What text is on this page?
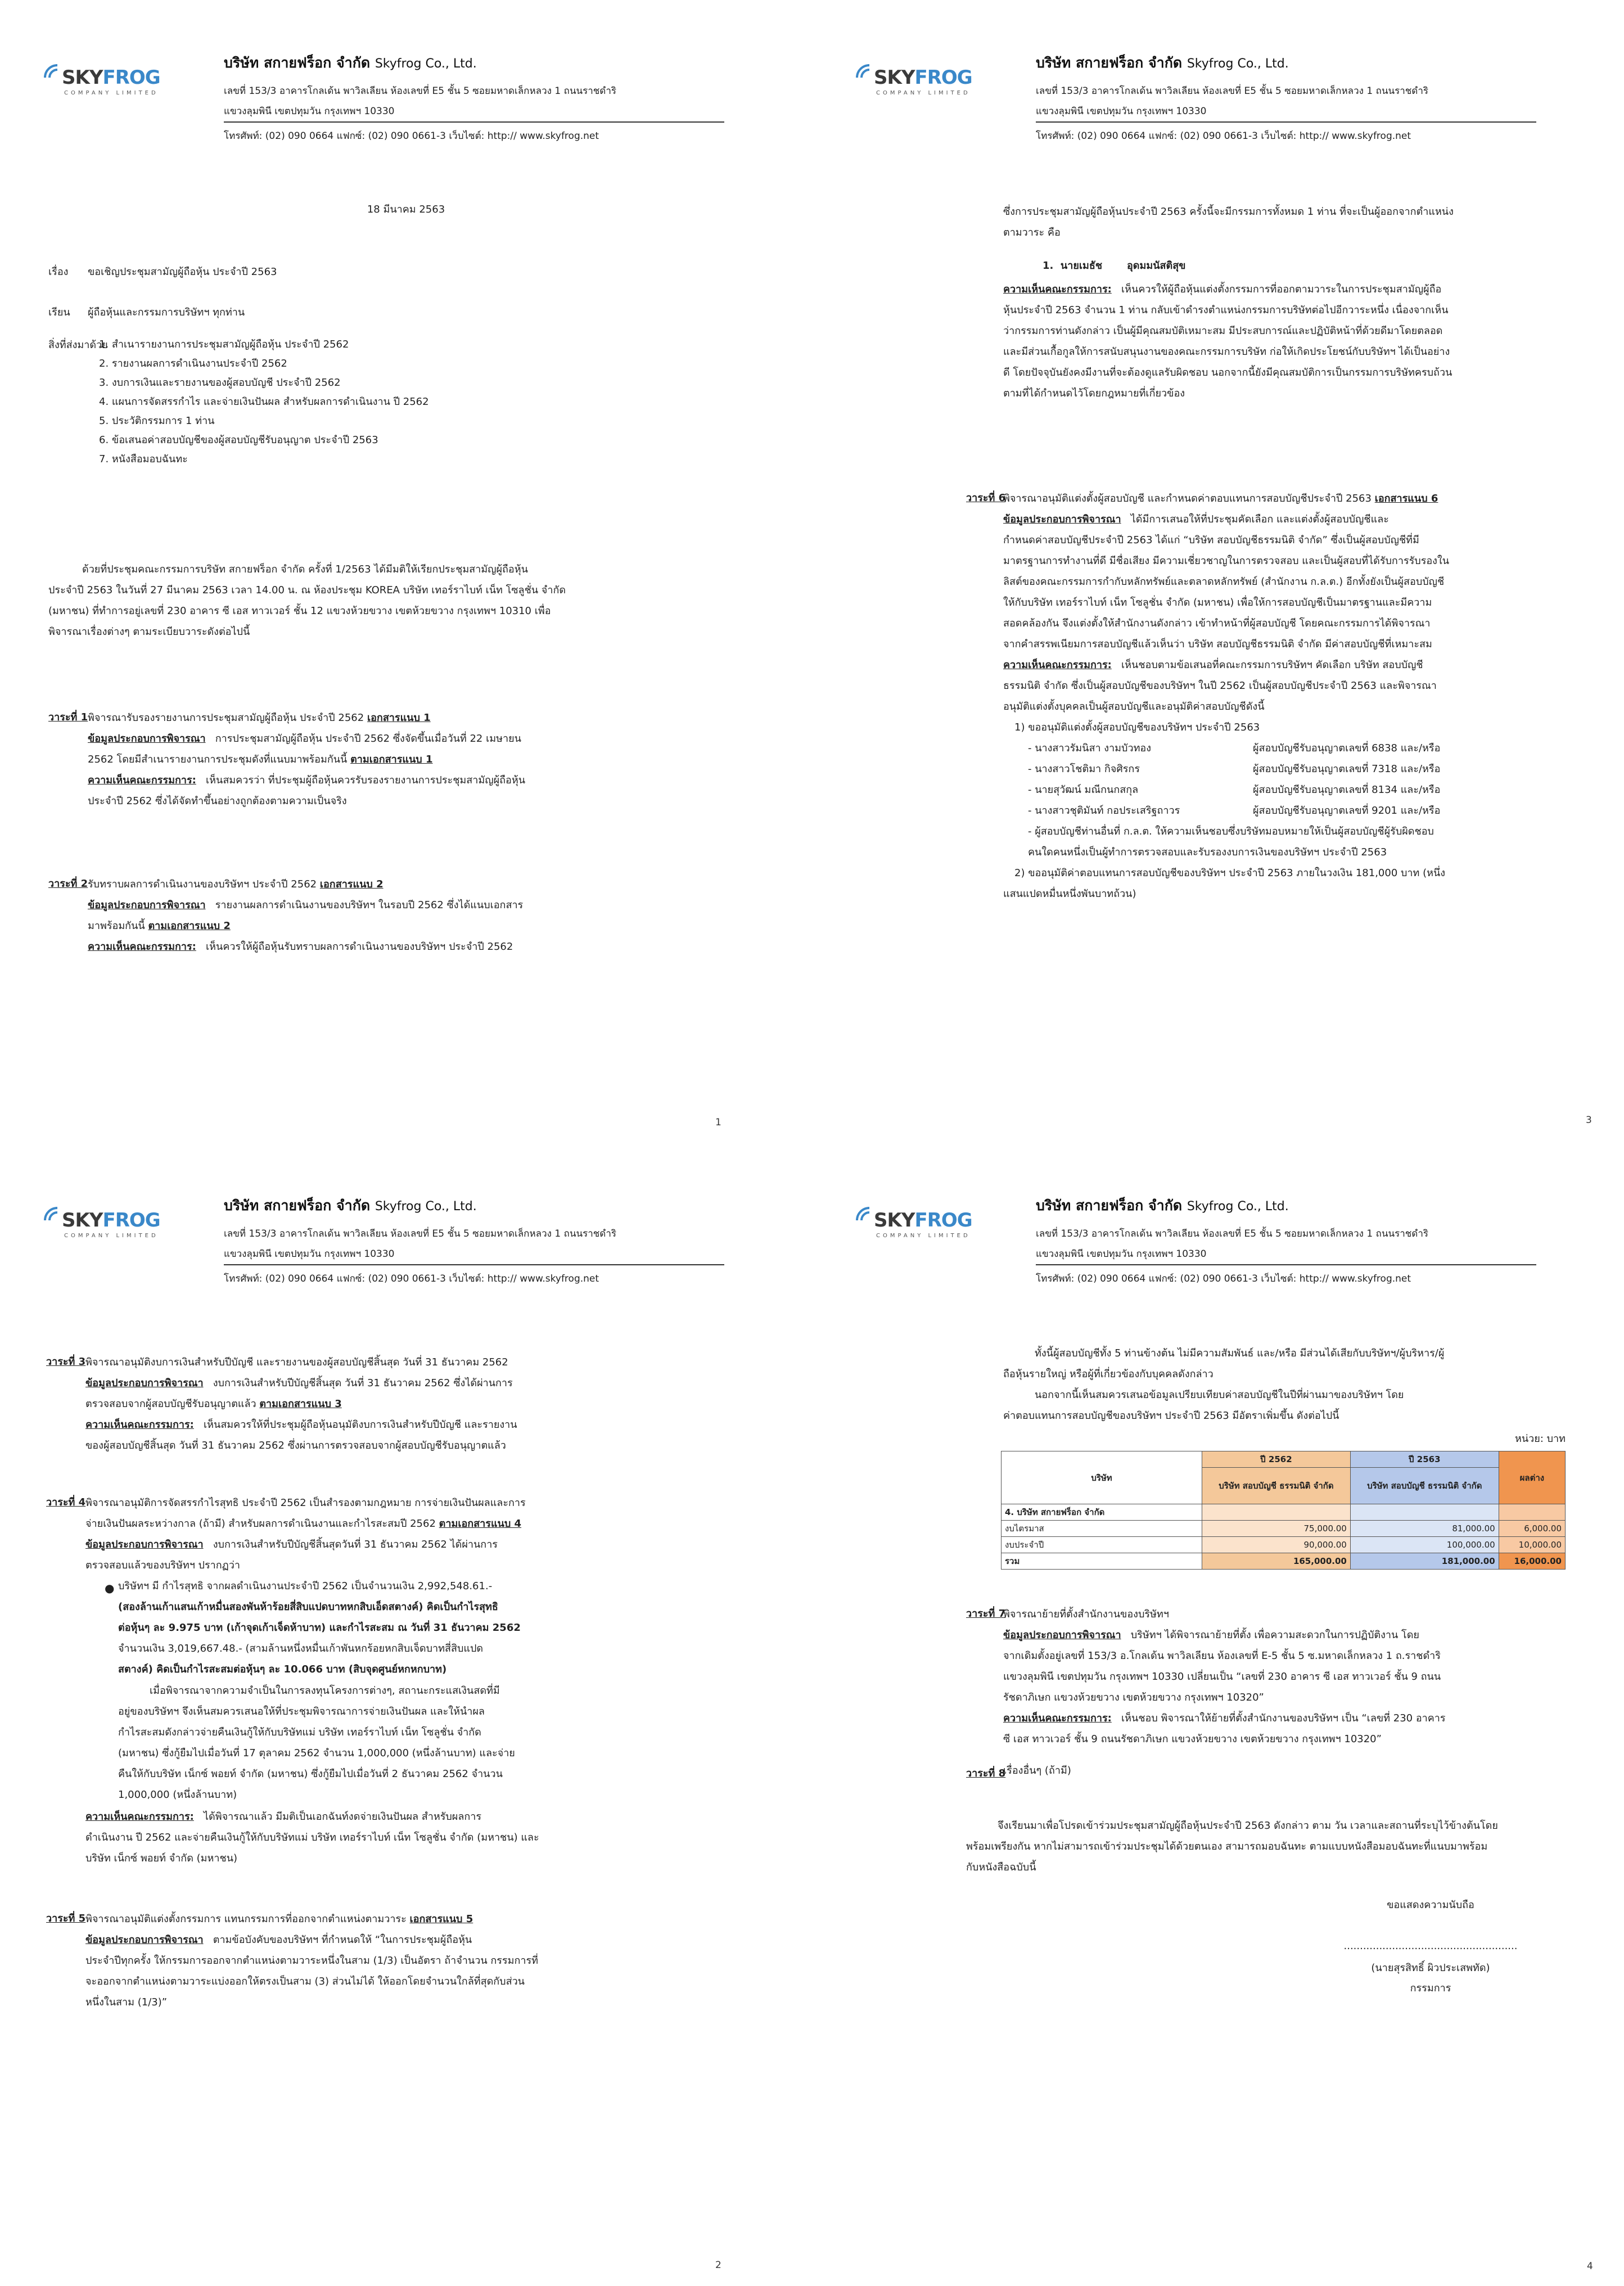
SKYFROG
COMPANY LIMITED
บริษัท สกายฟร็อก จำกัด Skyfrog Co., Ltd.
เลขที่ 153/3 อาคารโกลเด้น พาวิลเลียน ห้องเลขที่ E5 ชั้น 5 ซอยมหาดเล็กหลวง 1 ถนนราชดำริ
แขวงลุมพินี เขตปทุมวัน กรุงเทพฯ 10330
โทรศัพท์: (02) 090 0664 แฟกซ์: (02) 090 0661-3 เว็บไซต์: http:// www.skyfrog.net
18 มีนาคม 2563
เรื่อง ขอเชิญประชุมสามัญผู้ถือหุ้น ประจำปี 2563
เรียน ผู้ถือหุ้นและกรรมการบริษัทฯ ทุกท่าน
สิ่งที่ส่งมาด้วย
1. สำเนารายงานการประชุมสามัญผู้ถือหุ้น ประจำปี 2562
2. รายงานผลการดำเนินงานประจำปี 2562
3. งบการเงินและรายงานของผู้สอบบัญชี ประจำปี 2562
4. แผนการจัดสรรกำไร และจ่ายเงินปันผล สำหรับผลการดำเนินงาน ปี 2562
5. ประวัติกรรมการ 1 ท่าน
6. ข้อเสนอค่าสอบบัญชีของผู้สอบบัญชีรับอนุญาต ประจำปี 2563
7. หนังสือมอบฉันทะ
ด้วยที่ประชุมคณะกรรมการบริษัท สกายฟร็อก จำกัด ครั้งที่ 1/2563 ได้มีมติให้เรียกประชุมสามัญผู้ถือหุ้น
ประจำปี 2563 ในวันที่ 27 มีนาคม 2563 เวลา 14.00 น. ณ ห้องประชุม KOREA บริษัท เทอร์ราไบท์ เน็ท โซลูชั่น จำกัด
(มหาชน) ที่ทำการอยู่เลขที่ 230 อาคาร ซี เอส ทาวเวอร์ ชั้น 12 แขวงห้วยขวาง เขตห้วยขวาง กรุงเทพฯ 10310 เพื่อ
พิจารณาเรื่องต่างๆ ตามระเบียบวาระดังต่อไปนี้
วาระที่ 1 พิจารณารับรองรายงานการประชุมสามัญผู้ถือหุ้น ประจำปี 2562 เอกสารแนบ 1
ข้อมูลประกอบการพิจารณา การประชุมสามัญผู้ถือหุ้น ประจำปี 2562 ซึ่งจัดขึ้นเมื่อวันที่ 22 เมษายน
2562 โดยมีสำเนารายงานการประชุมดังที่แนบมาพร้อมกันนี้ ตามเอกสารแนบ 1
ความเห็นคณะกรรมการ: เห็นสมควรว่า ที่ประชุมผู้ถือหุ้นควรรับรองรายงานการประชุมสามัญผู้ถือหุ้น
ประจำปี 2562 ซึ่งได้จัดทำขึ้นอย่างถูกต้องตามความเป็นจริง
วาระที่ 2 รับทราบผลการดำเนินงานของบริษัทฯ ประจำปี 2562 เอกสารแนบ 2
ข้อมูลประกอบการพิจารณา รายงานผลการดำเนินงานของบริษัทฯ ในรอบปี 2562 ซึ่งได้แนบเอกสาร
มาพร้อมกันนี้ ตามเอกสารแนบ 2
ความเห็นคณะกรรมการ: เห็นควรให้ผู้ถือหุ้นรับทราบผลการดำเนินงานของบริษัทฯ ประจำปี 2562
1
SKYFROG
COMPANY LIMITED
บริษัท สกายฟร็อก จำกัด Skyfrog Co., Ltd.
เลขที่ 153/3 อาคารโกลเด้น พาวิลเลียน ห้องเลขที่ E5 ชั้น 5 ซอยมหาดเล็กหลวง 1 ถนนราชดำริ
แขวงลุมพินี เขตปทุมวัน กรุงเทพฯ 10330
โทรศัพท์: (02) 090 0664 แฟกซ์: (02) 090 0661-3 เว็บไซต์: http:// www.skyfrog.net
ซึ่งการประชุมสามัญผู้ถือหุ้นประจำปี 2563 ครั้งนี้จะมีกรรมการทั้งหมด 1 ท่าน ที่จะเป็นผู้ออกจากตำแหน่ง
ตามวาระ คือ
1. นายเมธัช อุดมมนัสติสุข
ความเห็นคณะกรรมการ: เห็นควรให้ผู้ถือหุ้นแต่งตั้งกรรมการที่ออกตามวาระในการประชุมสามัญผู้ถือ
หุ้นประจำปี 2563 จำนวน 1 ท่าน กลับเข้าดำรงตำแหน่งกรรมการบริษัทต่อไปอีกวาระหนึ่ง เนื่องจากเห็น
ว่ากรรมการท่านดังกล่าว เป็นผู้มีคุณสมบัติเหมาะสม มีประสบการณ์และปฏิบัติหน้าที่ด้วยดีมาโดยตลอด
และมีส่วนเกื้อกูลให้การสนับสนุนงานของคณะกรรมการบริษัท ก่อให้เกิดประโยชน์กับบริษัทฯ ได้เป็นอย่าง
ดี โดยปัจจุบันยังคงมีงานที่จะต้องดูแลรับผิดชอบ นอกจากนี้ยังมีคุณสมบัติการเป็นกรรมการบริษัทครบถ้วน
ตามที่ได้กำหนดไว้โดยกฎหมายที่เกี่ยวข้อง
วาระที่ 6
พิจารณาอนุมัติแต่งตั้งผู้สอบบัญชี และกำหนดค่าตอบแทนการสอบบัญชีประจำปี 2563 เอกสารแนบ 6
ข้อมูลประกอบการพิจารณา ได้มีการเสนอให้ที่ประชุมคัดเลือก และแต่งตั้งผู้สอบบัญชีและ
กำหนดค่าสอบบัญชีประจำปี 2563 ได้แก่ “บริษัท สอบบัญชีธรรมนิติ จำกัด” ซึ่งเป็นผู้สอบบัญชีที่มี
มาตรฐานการทำงานที่ดี มีชื่อเสียง มีความเชี่ยวชาญในการตรวจสอบ และเป็นผู้สอบที่ได้รับการรับรองใน
ลิสต์ของคณะกรรมการกำกับหลักทรัพย์และตลาดหลักทรัพย์ (สำนักงาน ก.ล.ต.) อีกทั้งยังเป็นผู้สอบบัญชี
ให้กับบริษัท เทอร์ราไบท์ เน็ท โซลูชั่น จำกัด (มหาชน) เพื่อให้การสอบบัญชีเป็นมาตรฐานและมีความ
สอดคล้องกัน จึงแต่งตั้งให้สำนักงานดังกล่าว เข้าทำหน้าที่ผู้สอบบัญชี โดยคณะกรรมการได้พิจารณา
จากคำสรรพเนียมการสอบบัญชีแล้วเห็นว่า บริษัท สอบบัญชีธรรมนิติ จำกัด มีค่าสอบบัญชีที่เหมาะสม
ความเห็นคณะกรรมการ: เห็นชอบตามข้อเสนอที่คณะกรรมการบริษัทฯ คัดเลือก บริษัท สอบบัญชี
ธรรมนิติ จำกัด ซึ่งเป็นผู้สอบบัญชีของบริษัทฯ ในปี 2562 เป็นผู้สอบบัญชีประจำปี 2563 และพิจารณา
อนุมัติแต่งตั้งบุคคลเป็นผู้สอบบัญชีและอนุมัติค่าสอบบัญชีดังนี้
1) ขออนุมัติแต่งตั้งผู้สอบบัญชีของบริษัทฯ ประจำปี 2563
- นางสาวรัมนิสา งามบัวทอง	ผู้สอบบัญชีรับอนุญาตเลขที่ 6838 และ/หรือ
- นางสาวโชติมา กิจศิรกร	ผู้สอบบัญชีรับอนุญาตเลขที่ 7318 และ/หรือ
- นายสุวัฒน์ มณีกนกสกุล	ผู้สอบบัญชีรับอนุญาตเลขที่ 8134 และ/หรือ
- นางสาวชุติมันท์ กอประเสริฐถาวร	ผู้สอบบัญชีรับอนุญาตเลขที่ 9201 และ/หรือ
- ผู้สอบบัญชีท่านอื่นที่ ก.ล.ต. ให้ความเห็นชอบซึ่งบริษัทมอบหมายให้เป็นผู้สอบบัญชีผู้รับผิดชอบ
คนใดคนหนึ่งเป็นผู้ทำการตรวจสอบและรับรองงบการเงินของบริษัทฯ ประจำปี 2563
2) ขออนุมัติค่าตอบแทนการสอบบัญชีของบริษัทฯ ประจำปี 2563 ภายในวงเงิน 181,000 บาท (หนึ่ง
แสนแปดหมื่นหนึ่งพันบาทถ้วน)
3
SKYFROG
COMPANY LIMITED
บริษัท สกายฟร็อก จำกัด Skyfrog Co., Ltd.
เลขที่ 153/3 อาคารโกลเด้น พาวิลเลียน ห้องเลขที่ E5 ชั้น 5 ซอยมหาดเล็กหลวง 1 ถนนราชดำริ
แขวงลุมพินี เขตปทุมวัน กรุงเทพฯ 10330
โทรศัพท์: (02) 090 0664 แฟกซ์: (02) 090 0661-3 เว็บไซต์: http:// www.skyfrog.net
วาระที่ 3 พิจารณาอนุมัติงบการเงินสำหรับปีบัญชี และรายงานของผู้สอบบัญชีสิ้นสุด วันที่ 31 ธันวาคม 2562
ข้อมูลประกอบการพิจารณา งบการเงินสำหรับปีบัญชีสิ้นสุด วันที่ 31 ธันวาคม 2562 ซึ่งได้ผ่านการ
ตรวจสอบจากผู้สอบบัญชีรับอนุญาตแล้ว ตามเอกสารแนบ 3
ความเห็นคณะกรรมการ: เห็นสมควรให้ที่ประชุมผู้ถือหุ้นอนุมัติงบการเงินสำหรับปีบัญชี และรายงาน
ของผู้สอบบัญชีสิ้นสุด วันที่ 31 ธันวาคม 2562 ซึ่งผ่านการตรวจสอบจากผู้สอบบัญชีรับอนุญาตแล้ว
วาระที่ 4 พิจารณาอนุมัติการจัดสรรกำไรสุทธิ ประจำปี 2562 เป็นสำรองตามกฎหมาย การจ่ายเงินปันผลและการ
จ่ายเงินปันผลระหว่างกาล (ถ้ามี) สำหรับผลการดำเนินงานและกำไรสะสมปี 2562 ตามเอกสารแนบ 4
ข้อมูลประกอบการพิจารณา งบการเงินสำหรับปีบัญชีสิ้นสุดวันที่ 31 ธันวาคม 2562 ได้ผ่านการ
ตรวจสอบแล้วของบริษัทฯ ปรากฏว่า
● บริษัทฯ มี กำไรสุทธิ จากผลดำเนินงานประจำปี 2562 เป็นจำนวนเงิน 2,992,548.61.-
(สองล้านเก้าแสนเก้าหมื่นสองพันห้าร้อยสี่สิบแปดบาทหกสิบเอ็ดสตางค์) คิดเป็นกำไรสุทธิ
ต่อหุ้นๆ ละ 9.975 บาท (เก้าจุดเก้าเจ็ดห้าบาท) และกำไรสะสม ณ วันที่ 31 ธันวาคม 2562
จำนวนเงิน 3,019,667.48.- (สามล้านหนึ่งหมื่นเก้าพันหกร้อยหกสิบเจ็ดบาทสี่สิบแปด
สตางค์) คิดเป็นกำไรสะสมต่อหุ้นๆ ละ 10.066 บาท (สิบจุดศูนย์หกหกบาท)
เมื่อพิจารณาจากความจำเป็นในการลงทุนโครงการต่างๆ, สถานะกระแสเงินสดที่มี
อยู่ของบริษัทฯ จึงเห็นสมควรเสนอให้ที่ประชุมพิจารณาการจ่ายเงินปันผล และให้นำผล
กำไรสะสมดังกล่าวจ่ายคืนเงินกู้ให้กับบริษัทแม่ บริษัท เทอร์ราไบท์ เน็ท โซลูชั่น จำกัด
(มหาชน) ซึ่งกู้ยืมไปเมื่อวันที่ 17 ตุลาคม 2562 จำนวน 1,000,000 (หนึ่งล้านบาท) และจ่าย
คืนให้กับบริษัท เน็กซ์ พอยท์ จำกัด (มหาชน) ซึ่งกู้ยืมไปเมื่อวันที่ 2 ธันวาคม 2562 จำนวน
1,000,000 (หนึ่งล้านบาท)
ความเห็นคณะกรรมการ: ได้พิจารณาแล้ว มีมติเป็นเอกฉันท์งดจ่ายเงินปันผล สำหรับผลการ
ดำเนินงาน ปี 2562 และจ่ายคืนเงินกู้ให้กับบริษัทแม่ บริษัท เทอร์ราไบท์ เน็ท โซลูชั่น จำกัด (มหาชน) และ
บริษัท เน็กซ์ พอยท์ จำกัด (มหาชน)
วาระที่ 5 พิจารณาอนุมัติแต่งตั้งกรรมการ แทนกรรมการที่ออกจากตำแหน่งตามวาระ เอกสารแนบ 5
ข้อมูลประกอบการพิจารณา ตามข้อบังคับของบริษัทฯ ที่กำหนดให้ “ในการประชุมผู้ถือหุ้น
ประจำปีทุกครั้ง ให้กรรมการออกจากตำแหน่งตามวาระหนึ่งในสาม (1/3) เป็นอัตรา ถ้าจำนวน กรรมการที่
จะออกจากตำแหน่งตามวาระแบ่งออกให้ตรงเป็นสาม (3) ส่วนไม่ได้ ให้ออกโดยจำนวนใกล้ที่สุดกับส่วน
หนึ่งในสาม (1/3)”
2
SKYFROG
COMPANY LIMITED
บริษัท สกายฟร็อก จำกัด Skyfrog Co., Ltd.
เลขที่ 153/3 อาคารโกลเด้น พาวิลเลียน ห้องเลขที่ E5 ชั้น 5 ซอยมหาดเล็กหลวง 1 ถนนราชดำริ
แขวงลุมพินี เขตปทุมวัน กรุงเทพฯ 10330
โทรศัพท์: (02) 090 0664 แฟกซ์: (02) 090 0661-3 เว็บไซต์: http:// www.skyfrog.net
ทั้งนี้ผู้สอบบัญชีทั้ง 5 ท่านข้างต้น ไม่มีความสัมพันธ์ และ/หรือ มีส่วนได้เสียกับบริษัทฯ/ผู้บริหาร/ผู้
ถือหุ้นรายใหญ่ หรือผู้ที่เกี่ยวข้องกับบุคคลดังกล่าว
นอกจากนี้เห็นสมควรเสนอข้อมูลเปรียบเทียบค่าสอบบัญชีในปีที่ผ่านมาของบริษัทฯ โดย
ค่าตอบแทนการสอบบัญชีของบริษัทฯ ประจำปี 2563 มีอัตราเพิ่มขึ้น ดังต่อไปนี้
หน่วย: บาท
บริษัท	ปี 2562	ปี 2563	ผลต่าง
	บริษัท สอบบัญชี ธรรมนิติ จำกัด	บริษัท สอบบัญชี ธรรมนิติ จำกัด	
4. บริษัท สกายฟร็อก จำกัด			
งบไตรมาส	75,000.00	81,000.00	6,000.00
งบประจำปี	90,000.00	100,000.00	10,000.00
รวม	165,000.00	181,000.00	16,000.00
วาระที่ 7
พิจารณาย้ายที่ตั้งสำนักงานของบริษัทฯ
ข้อมูลประกอบการพิจารณา บริษัทฯ ได้พิจารณาย้ายที่ตั้ง เพื่อความสะดวกในการปฏิบัติงาน โดย
จากเดิมตั้งอยู่เลขที่ 153/3 อ.โกลเด้น พาวิลเลียน ห้องเลขที่ E-5 ชั้น 5 ซ.มหาดเล็กหลวง 1 ถ.ราชดำริ
แขวงลุมพินี เขตปทุมวัน กรุงเทพฯ 10330 เปลี่ยนเป็น “เลขที่ 230 อาคาร ซี เอส ทาวเวอร์ ชั้น 9 ถนน
รัชดาภิเษก แขวงห้วยขวาง เขตห้วยขวาง กรุงเทพฯ 10320”
ความเห็นคณะกรรมการ: เห็นชอบ พิจารณาให้ย้ายที่ตั้งสำนักงานของบริษัทฯ เป็น “เลขที่ 230 อาคาร
ซี เอส ทาวเวอร์ ชั้น 9 ถนนรัชดาภิเษก แขวงห้วยขวาง เขตห้วยขวาง กรุงเทพฯ 10320”
วาระที่ 8
เรื่องอื่นๆ (ถ้ามี)
จึงเรียนมาเพื่อโปรดเข้าร่วมประชุมสามัญผู้ถือหุ้นประจำปี 2563 ดังกล่าว ตาม วัน เวลาและสถานที่ระบุไว้ข้างต้นโดย
พร้อมเพรียงกัน หากไม่สามารถเข้าร่วมประชุมได้ด้วยตนเอง สามารถมอบฉันทะ ตามแบบหนังสือมอบฉันทะที่แนบมาพร้อม
กับหนังสือฉบับนี้
ขอแสดงความนับถือ
......................................................
(นายสุรสิทธิ์ ผิวประเสพทัด)
กรรมการ
4
